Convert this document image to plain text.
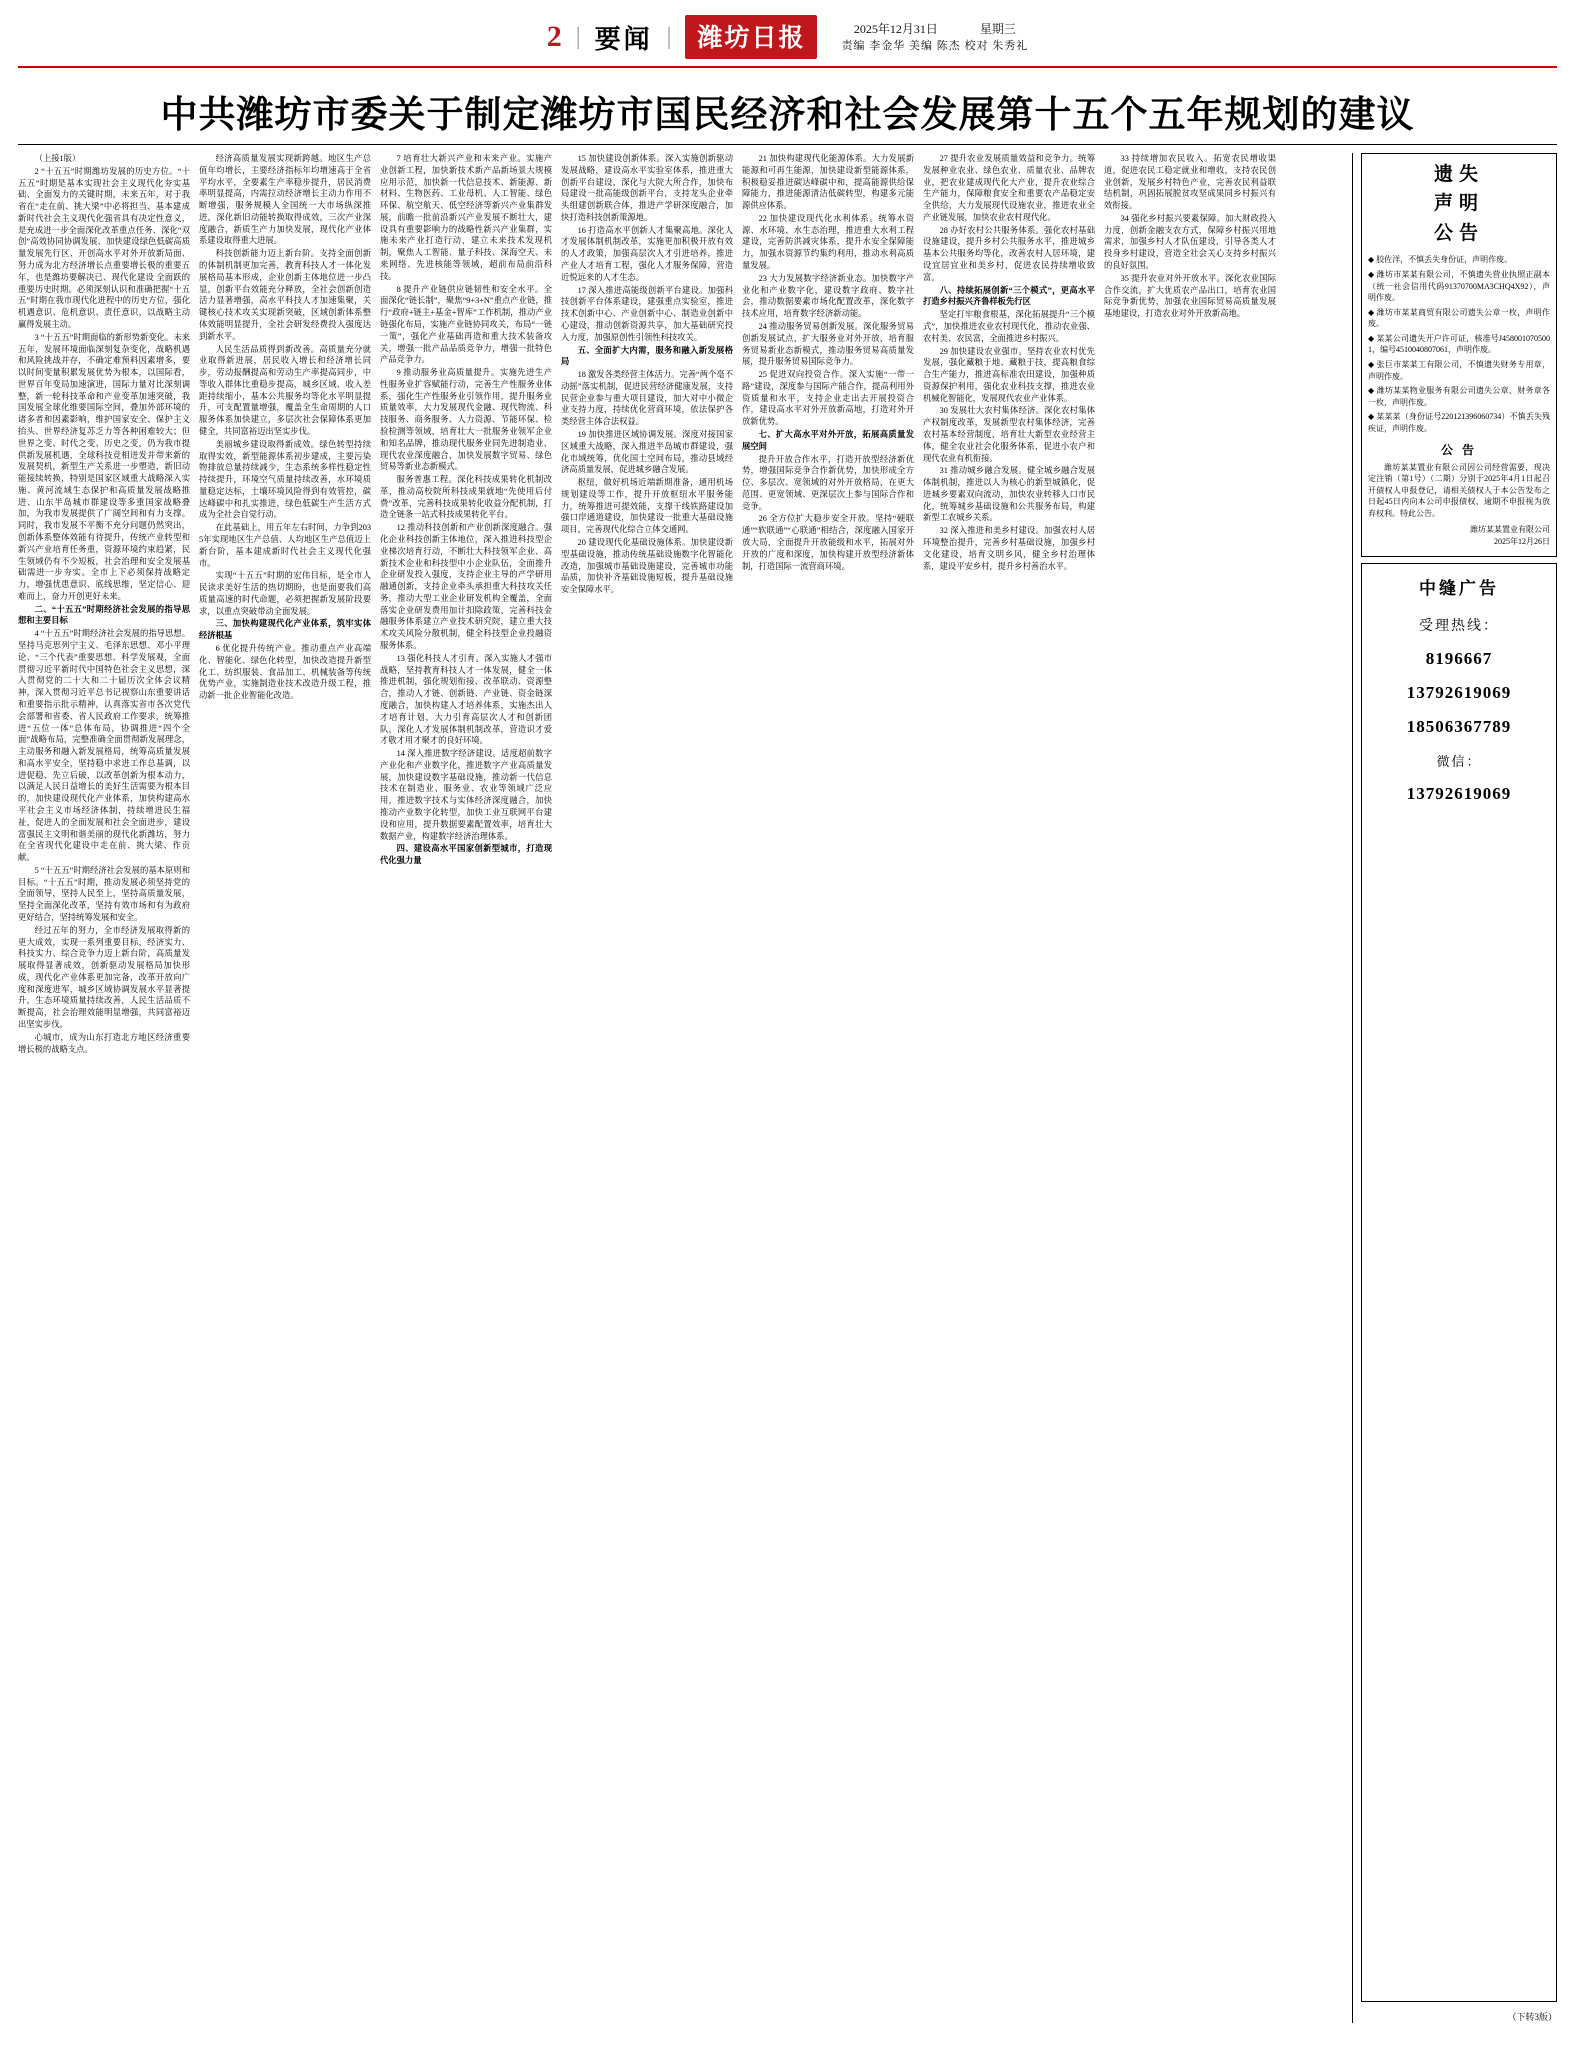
2 | 要闻 |	潍坊日报	2025年12月31日	星期三
责编 李金华 美编 陈杰 校对 朱秀礼
中共潍坊市委关于制定潍坊市国民经济和社会发展第十五个五年规划的建议

（上接1版）

2 “十五五”时期潍坊发展的历史方位。“十五五”时期是基本实现社会主义现代化夯实基础、全面发力的关键时期，未来五年，对于我省在“走在前、挑大梁”中必将担当、基本建成新时代社会主义现代化强省具有决定性意义，是充成进一步全面深化改革重点任务、深化“双创”高效协同协调发展、加快建设绿色低碳高质量发展先行区、开创高水平对外开放新局面、努力成为北方经济增长点重要增长极的重要五年，也是潍坊要解决已、现代化建设 全面跃的重要历史时期。必须深刻认识和准确把握“十五五”时期在我市现代化进程中的历史方位，强化机遇意识、危机意识、责任意识，以战略主动赢得发展主动。

3 “十五五”时期面临的新形势新变化。未来五年，发展环境面临深刻复杂变化，战略机遇和风险挑战并存，不确定难预料因素增多，要以时间变量积累发展优势为根本，以国际看，世界百年变局加速演进，国际力量对比深刻调整，新一轮科技革命和产业变革加速突破，我国发展全球化维要国际空间，叠加外部环境的诸多者和因素影响，维护国家安全、保护主义抬头、世界经济复苏乏力等各种困难较大；但世界之变、时代之变、历史之变，仍为我市提供新发展机遇，全球科技竞相迸发并带来新的发展契机，新型生产关系进一步塑造，新旧动能接续转换，特别是国家区域重大战略深入实施、黄河流域生态保护和高质量发展战略推进、山东半岛城市群建设等多重国家战略叠加，为我市发展提供了广阔空间和有力支撑。同时，我市发展不平衡不充分问题仍然突出，创新体系整体效能有待提升，传统产业转型和新兴产业培育任务重，资源环境约束趋紧，民生领域仍有不少短板，社会治理和安全发展基础需进一步夯实。全市上下必须保持战略定力，增强忧患意识、底线思维，坚定信心、迎难而上，奋力开创更好未来。

二、“十五五”时期经济社会发展的指导思想和主要目标

4 “十五五”时期经济社会发展的指导思想。坚持马克思列宁主义、毛泽东思想、邓小平理论、“三个代表”重要思想、科学发展观，全面贯彻习近平新时代中国特色社会主义思想，深入贯彻党的二十大和二十届历次全体会议精神，深入贯彻习近平总书记视察山东重要讲话和重要指示批示精神，认真落实省市各次党代会部署和省委、省人民政府工作要求，统筹推进“五位一体”总体布局，协调推进“四个全面”战略布局，完整准确全面贯彻新发展理念，主动服务和融入新发展格局，统筹高质量发展和高水平安全，坚持稳中求进工作总基调，以进促稳、先立后破，以改革创新为根本动力，以满足人民日益增长的美好生活需要为根本目的，加快建设现代化产业体系，加快构建高水平社会主义市场经济体制，持续增进民生福祉，促进人的全面发展和社会全面进步，建设富强民主文明和谐美丽的现代化新潍坊，努力在全省现代化建设中走在前、挑大梁、作贡献。

5 “十五五”时期经济社会发展的基本原则和目标。“十五五”时期，推动发展必须坚持党的全面领导，坚持人民至上，坚持高质量发展，坚持全面深化改革，坚持有效市场和有为政府更好结合，坚持统筹发展和安全。

经过五年的努力，全市经济发展取得新的更大成效，实现一系列重要目标，经济实力、科技实力、综合竞争力迈上新台阶，高质量发展取得显著成效，创新驱动发展格局加快形成，现代化产业体系更加完备，改革开放向广度和深度进军，城乡区域协调发展水平显著提升，生态环境质量持续改善，人民生活品质不断提高，社会治理效能明显增强，共同富裕迈出坚实步伐。

心城市，成为山东打造北方地区经济重要增长极的战略支点。

经济高质量发展实现新跨越。地区生产总值年均增长，主要经济指标年均增速高于全省平均水平，全要素生产率稳步提升，居民消费率明显提高，内需拉动经济增长主动力作用不断增强，服务规模人全国统一大市场纵深推进，深化新旧动能转换取得成效，三次产业深度融合，新质生产力加快发展，现代化产业体系建设取得重大进展。

科技创新能力迈上新台阶。支持全面创新的体制机制更加完善，教育科技人才一体化发展格局基本形成，企业创新主体地位进一步凸显，创新平台效能充分释放，全社会创新创造活力显著增强，高水平科技人才加速集聚，关键核心技术攻关实现新突破，区域创新体系整体效能明显提升，全社会研发经费投入强度达到新水平。

人民生活品质得到新改善。高质量充分就业取得新进展，居民收入增长和经济增长同步，劳动报酬提高和劳动生产率提高同步，中等收入群体比重稳步提高，城乡区域、收入差距持续缩小，基本公共服务均等化水平明显提升，可支配置量增强，覆盖全生命周期的人口服务体系加快建立，多层次社会保障体系更加健全，共同富裕迈出坚实步伐。

美丽城乡建设取得新成效。绿色转型持续取得实效，新型能源体系初步建成，主要污染物排放总量持续减少，生态系统多样性稳定性持续提升，环境空气质量持续改善，水环境质量稳定达标，土壤环境风险得到有效管控，碳达峰碳中和扎实推进，绿色低碳生产生活方式成为全社会自觉行动。

在此基础上，用五年左右时间，力争到2035年实现地区生产总值、人均地区生产总值迈上新台阶，基本建成新时代社会主义现代化强市。

实现“十五五”时期的宏伟目标，是全市人民读求美好生活的热切期盼，也是面要我们高质量高速的时代命题，必须把握新发展阶段要求，以重点突破带动全面发展。

三、加快构建现代化产业体系，筑牢实体经济根基

6 优化提升传统产业。推动重点产业高端化、智能化、绿色化转型，加快改造提升新型化工、纺织服装、食品加工、机械装备等传统优势产业，实施制造业技术改造升级工程，推动新一批企业智能化改造。

7 培育壮大新兴产业和未来产业。实施产业创新工程，加快新技术新产品新场景大规模应用示范，加快新一代信息技术、新能源、新材料、生物医药、工业母机、人工智能、绿色环保、航空航天、低空经济等新兴产业集群发展，前瞻一批前沿新兴产业发展不断壮大，建设具有重要影响力的战略性新兴产业集群，实施未来产业打造行动，建立未来技术发现机制，聚焦人工智能、量子科技、深海空天、未来网络、先进核能等领域，超前布局前沿科技。

8 提升产业链供应链韧性和安全水平。全面深化“链长制”，聚焦“9+3+N”重点产业链，推行“政府+链主+基金+智库”工作机制，推动产业链强化布局，实施产业链协同攻关，布局“一链一策”，强化产业基础再造和重大技术装备攻关，增强一批产品品质竞争力，增强一批特色产品竞争力。

9 推动服务业高质量提升。实施先进生产性服务业扩容赋能行动，完善生产性服务业体系，强化生产性服务业引领作用，提升服务业质量效率，大力发展现代金融、现代物流、科技服务、商务服务、人力资源、节能环保、检验检测等领域，培育壮大一批服务业领军企业和知名品牌，推动现代服务业同先进制造业、现代农业深度融合，加快发展数字贸易、绿色贸易等新业态新模式。

服务普惠工程。深化科技成果转化机制改革，推动高校院所科技成果就地“先使用后付费”改革，完善科技成果转化收益分配机制，打造全链条一站式科技成果转化平台。

12 推动科技创新和产业创新深度融合。强化企业科技创新主体地位，深入推进科技型企业梯次培育行动，不断壮大科技领军企业、高新技术企业和科技型中小企业队伍，全面推升企业研发投入强度，支持企业主导的产学研用融通创新，支持企业牵头承担重大科技攻关任务，推动大型工业企业研发机构全覆盖，全面落实企业研发费用加计扣除政策，完善科技金融服务体系建立产业技术研究院，建立重大技术攻关风险分散机制，健全科技型企业投融资服务体系。

13 强化科技人才引育。深入实施人才强市战略，坚持教育科技人才一体发展，健全一体推进机制，强化规划衔接、改革联动、资源整合，推动人才链、创新链、产业链、资金链深度融合，加快构建人才培养体系，实施杰出人才培育计划，大力引育高层次人才和创新团队，深化人才发展体制机制改革，营造识才爱才敬才用才聚才的良好环境。

14 深入推进数字经济建设。适度超前数字产业化和产业数字化，推进数字产业高质量发展，加快建设数字基础设施，推动新一代信息技术在制造业、服务业、农业等领域广泛应用，推进数字技术与实体经济深度融合，加快推动产业数字化转型，加快工业互联网平台建设和应用，提升数据要素配置效率，培育壮大数据产业，构建数字经济治理体系。

四、建设高水平国家创新型城市，打造现代化强力量

15 加快建设创新体系。深入实施创新驱动发展战略，建设高水平实验室体系，推进重大创新平台建设，深化与大院大所合作，加快布局建设一批高能级创新平台，支持龙头企业牵头组建创新联合体，推进产学研深度融合，加快打造科技创新策源地。

16 打造高水平创新人才集聚高地。深化人才发展体制机制改革，实施更加积极开放有效的人才政策，加强高层次人才引进培养，推进产业人才培育工程，强化人才服务保障，营造近悦远来的人才生态。

17 深入推进高能级创新平台建设。加强科技创新平台体系建设，建强重点实验室，推进技术创新中心、产业创新中心、制造业创新中心建设，推动创新资源共享，加大基础研究投入力度，加强原创性引领性科技攻关。

五、全面扩大内需，服务和融入新发展格局

18 激发各类经营主体活力。完善“两个毫不动摇”落实机制，促进民营经济健康发展，支持民营企业参与重大项目建设，加大对中小微企业支持力度，持续优化营商环境，依法保护各类经营主体合法权益。

19 加快推进区域协调发展。深度对接国家区域重大战略，深入推进半岛城市群建设，强化市域统筹，优化国土空间布局，推动县域经济高质量发展，促进城乡融合发展。

枢纽，做好机场近端新期准备，通用机场规划建设等工作，提升开放枢纽水平服务能力，统筹推进可提效能，支撑干线铁路建设加强口岸通道建设，加快建设一批重大基础设施项目，完善现代化综合立体交通网。

20 建设现代化基础设施体系。加快建设新型基础设施，推动传统基础设施数字化智能化改造，加强城市基础设施建设，完善城市功能品质，加快补齐基础设施短板，提升基础设施安全保障水平。

21 加快构建现代化能源体系。大力发展新能源和可再生能源，加快建设新型能源体系，积极稳妥推进碳达峰碳中和，提高能源供给保障能力，推进能源清洁低碳转型，构建多元能源供应体系。

22 加快建设现代化水利体系。统筹水资源、水环境、水生态治理，推进重大水利工程建设，完善防洪减灾体系，提升水安全保障能力，加强水资源节约集约利用，推动水利高质量发展。

23 大力发展数字经济新业态。加快数字产业化和产业数字化，建设数字政府、数字社会，推动数据要素市场化配置改革，深化数字技术应用，培育数字经济新动能。

24 推动服务贸易创新发展。深化服务贸易创新发展试点，扩大服务业对外开放，培育服务贸易新业态新模式，推动服务贸易高质量发展，提升服务贸易国际竞争力。

25 促进双向投资合作。深入实施“一带一路”建设，深度参与国际产能合作，提高利用外资质量和水平，支持企业走出去开展投资合作，建设高水平对外开放新高地，打造对外开放新优势。

七、扩大高水平对外开放，拓展高质量发展空间

提升开放合作水平，打造开放型经济新优势，增强国际竞争合作新优势，加快形成全方位、多层次、宽领域的对外开放格局，在更大范围、更宽领域、更深层次上参与国际合作和竞争。

26 全方位扩大稳步安全开放。坚持“硬联通”“软联通”“心联通”相结合，深度融入国家开放大局，全面提升开放能级和水平，拓展对外开放的广度和深度，加快构建开放型经济新体制，打造国际一流营商环境。

27 提升农业发展质量效益和竞争力。统筹发展种业农业、绿色农业、质量农业、品牌农业，把农业建成现代化大产业，提升农业综合生产能力，保障粮食安全和重要农产品稳定安全供给，大力发展现代设施农业，推进农业全产业链发展，加快农业农村现代化。

28 办好农村公共服务体系。强化农村基础设施建设，提升乡村公共服务水平，推进城乡基本公共服务均等化，改善农村人居环境，建设宜居宜业和美乡村，促进农民持续增收致富。

八、持续拓展创新“三个模式”，更高水平打造乡村振兴齐鲁样板先行区

坚定打牢粮食根基，深化拓展提升“三个模式”，加快推进农业农村现代化，推动农业强、农村美、农民富，全面推进乡村振兴。

29 加快建设农业强市。坚持农业农村优先发展，强化藏粮于地、藏粮于技，提高粮食综合生产能力，推进高标准农田建设，加强种质资源保护利用，强化农业科技支撑，推进农业机械化智能化，发展现代农业产业体系。

30 发展壮大农村集体经济。深化农村集体产权制度改革，发展新型农村集体经济，完善农村基本经营制度，培育壮大新型农业经营主体，健全农业社会化服务体系，促进小农户和现代农业有机衔接。

31 推动城乡融合发展。健全城乡融合发展体制机制，推进以人为核心的新型城镇化，促进城乡要素双向流动，加快农业转移人口市民化，统筹城乡基础设施和公共服务布局，构建新型工农城乡关系。

32 深入推进和美乡村建设。加强农村人居环境整治提升，完善乡村基础设施，加强乡村文化建设，培育文明乡风，健全乡村治理体系，建设平安乡村，提升乡村善治水平。

33 持续增加农民收入。拓宽农民增收渠道，促进农民工稳定就业和增收，支持农民创业创新，发展乡村特色产业，完善农民利益联结机制，巩固拓展脱贫攻坚成果同乡村振兴有效衔接。

34 强化乡村振兴要素保障。加大财政投入力度，创新金融支农方式，保障乡村振兴用地需求，加强乡村人才队伍建设，引导各类人才投身乡村建设，营造全社会关心支持乡村振兴的良好氛围。

35 提升农业对外开放水平。深化农业国际合作交流，扩大优质农产品出口，培育农业国际竞争新优势，加强农业国际贸易高质量发展基地建设，打造农业对外开放新高地。

遗失
声明
公告

◆ 胶佐洋，不慎丢失身份证，声明作废。

◆ 潍坊市某某有限公司，不慎遗失营业执照正副本（统一社会信用代码91370700MA3CHQ4X92），声明作废。

◆ 潍坊市某某商贸有限公司遗失公章一枚，声明作废。

◆ 某某公司遗失开户许可证，核准号J4580010705001，编号4510040807061，声明作废。

◆ 张巨市某某工有限公司，不慎遗失财务专用章，声明作废。

◆ 潍坊某某物业服务有限公司遗失公章、财务章各一枚，声明作废。

◆ 某某某（身份证号220121396060734）不慎丢失残疾证，声明作废。

公 告

潍坊某某置业有限公司因公司经营需要，现决定注销（第1号）（二期）分别于2025年4月1日起召开债权人申报登记，请相关债权人于本公告发布之日起45日内向本公司申报债权，逾期不申报视为放弃权利。特此公告。

潍坊某某置业有限公司
2025年12月26日
中缝广告
受理热线：
8196667
13792619069
18506367789
微信：
13792619069
（下转3版）
